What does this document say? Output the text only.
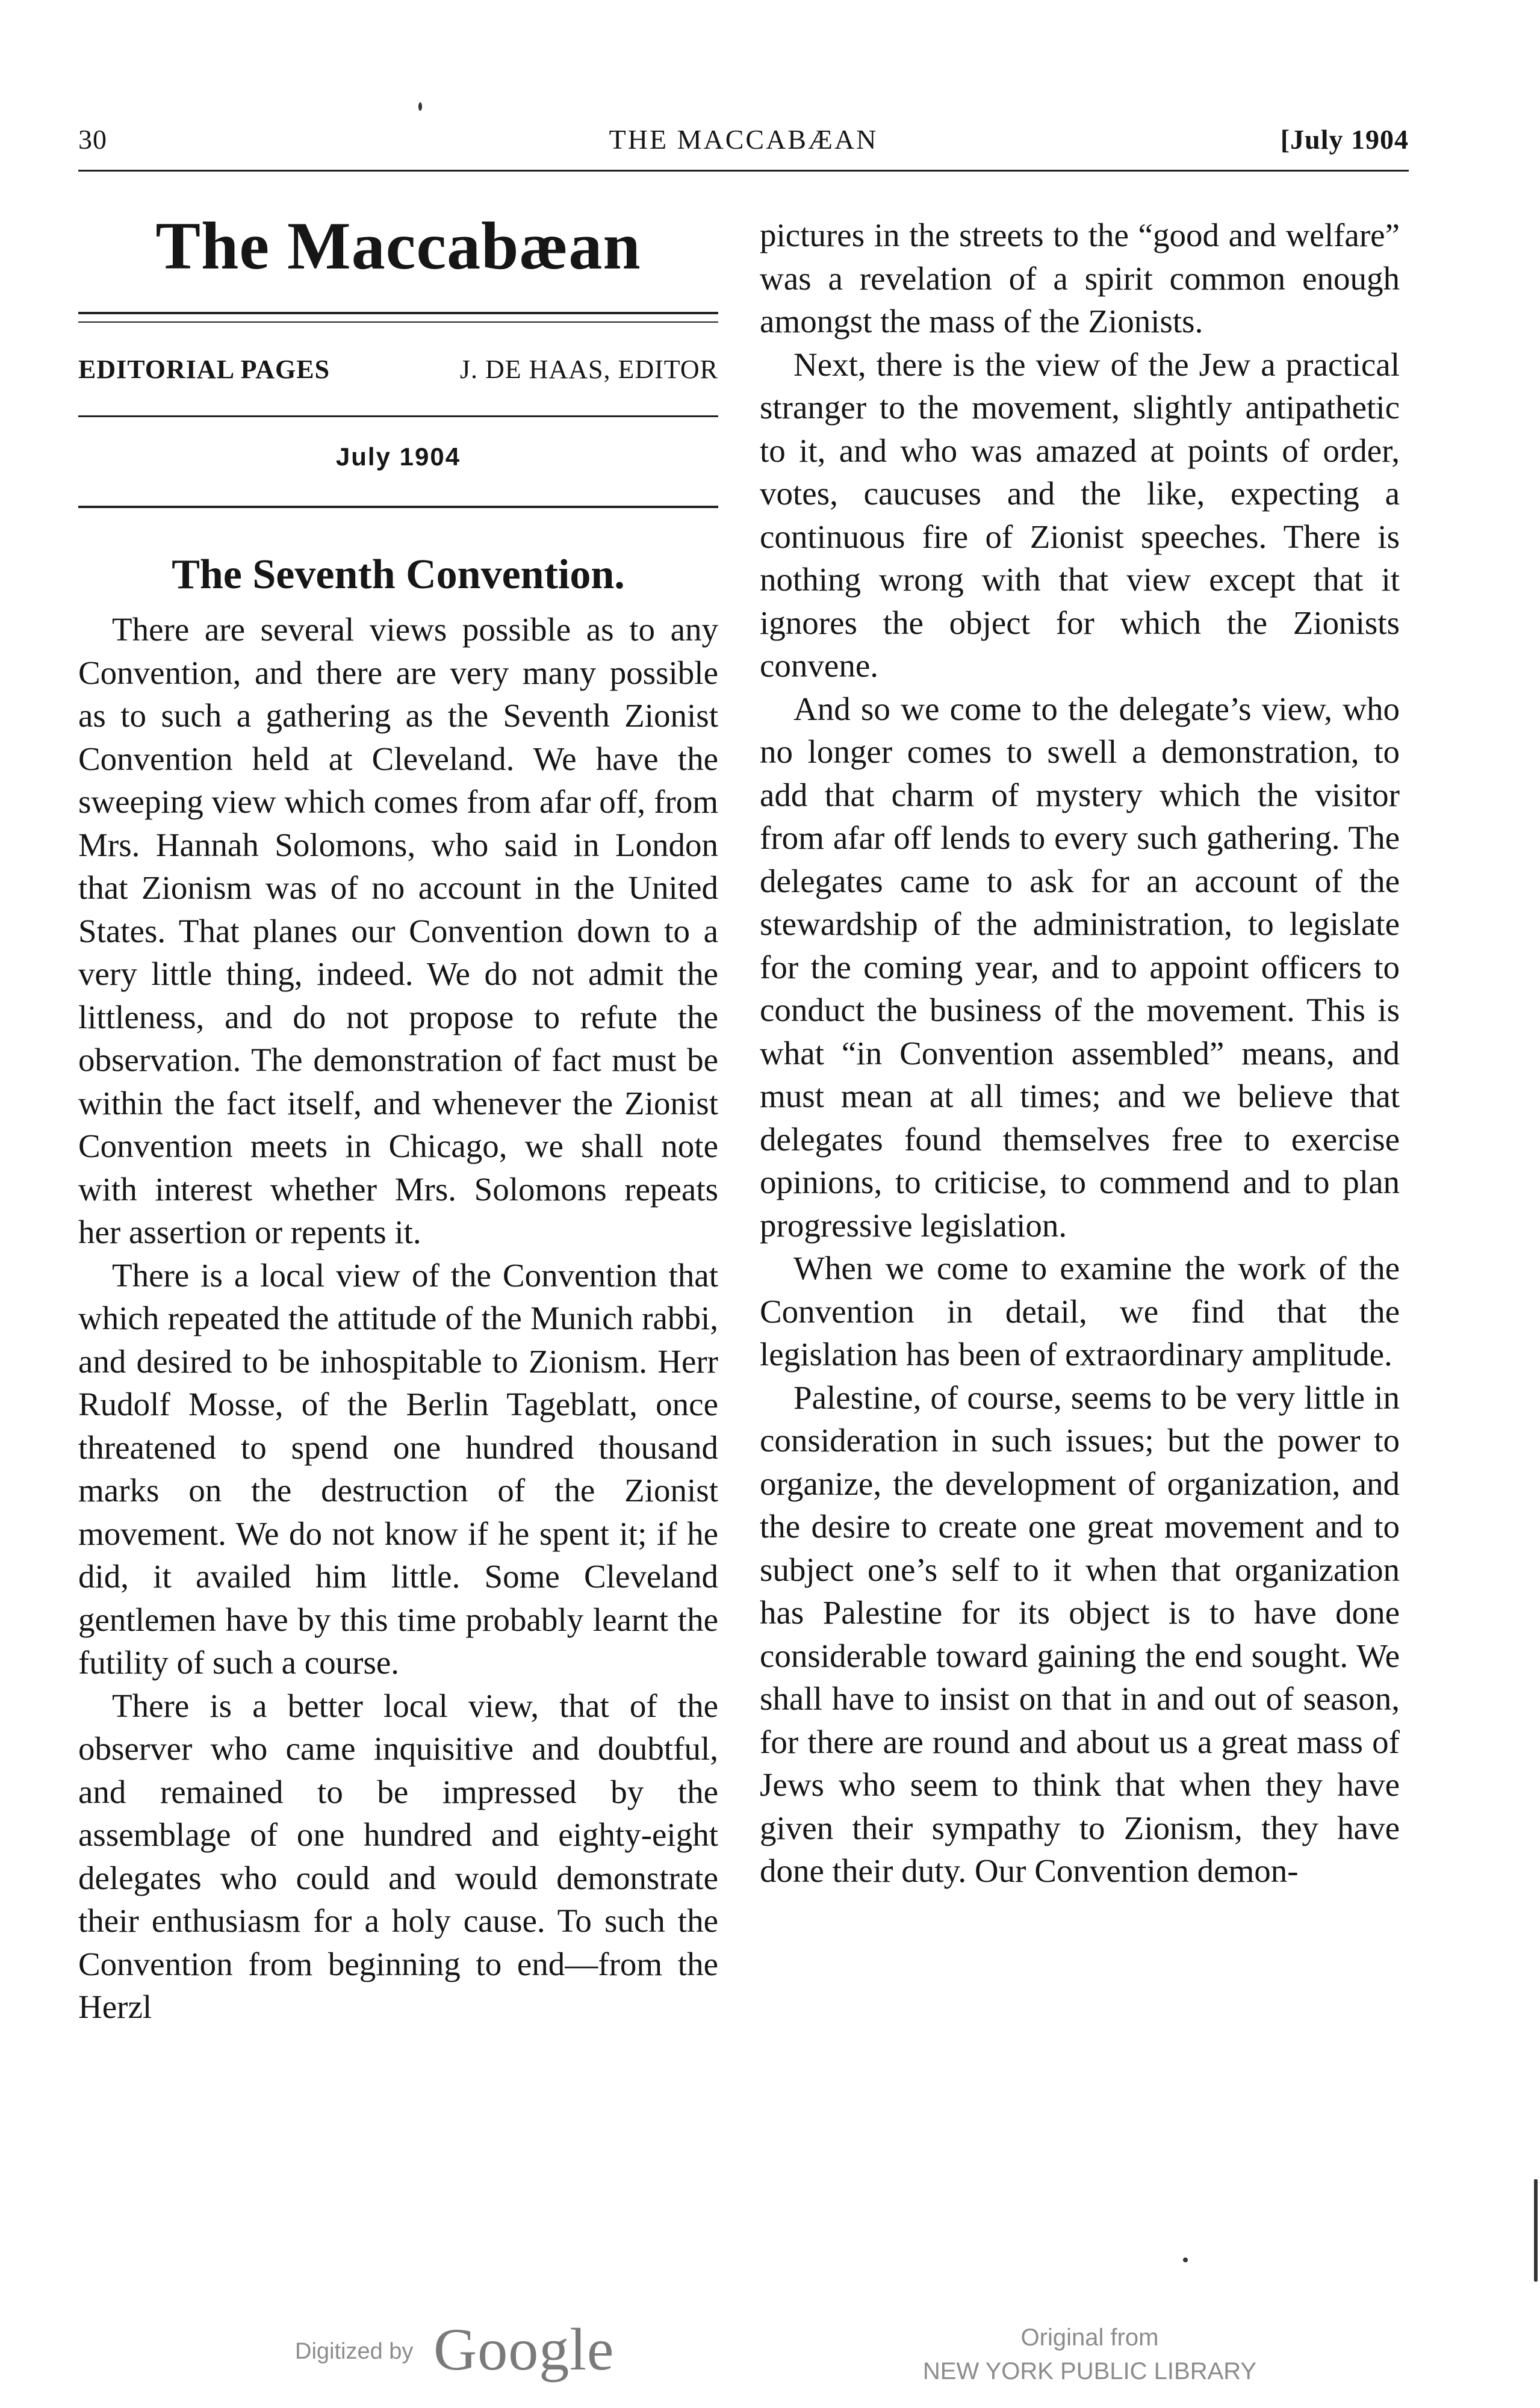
30	THE MACCABÆAN	[July 1904
The Maccabæan
EDITORIAL PAGES	J. DE HAAS, EDITOR
July 1904
The Seventh Convention.

There are several views possible as to any Convention, and there are very many possible as to such a gathering as the Seventh Zionist Convention held at Cleveland. We have the sweeping view which comes from afar off, from Mrs. Hannah Solomons, who said in London that Zionism was of no account in the United States. That planes our Convention down to a very little thing, indeed. We do not admit the littleness, and do not propose to refute the observation. The demonstration of fact must be within the fact itself, and whenever the Zionist Convention meets in Chicago, we shall note with interest whether Mrs. Solomons repeats her assertion or repents it.

There is a local view of the Convention that which repeated the attitude of the Munich rabbi, and desired to be inhospitable to Zionism. Herr Rudolf Mosse, of the Berlin Tageblatt, once threatened to spend one hundred thousand marks on the destruction of the Zionist movement. We do not know if he spent it; if he did, it availed him little. Some Cleveland gentlemen have by this time probably learnt the futility of such a course.

There is a better local view, that of the observer who came inquisitive and doubtful, and remained to be impressed by the assemblage of one hundred and eighty-eight delegates who could and would demonstrate their enthusiasm for a holy cause. To such the Convention from beginning to end—from the Herzl

pictures in the streets to the “good and welfare” was a revelation of a spirit common enough amongst the mass of the Zionists.

Next, there is the view of the Jew a practical stranger to the movement, slightly antipathetic to it, and who was amazed at points of order, votes, caucuses and the like, expecting a continuous fire of Zionist speeches. There is nothing wrong with that view except that it ignores the object for which the Zionists convene.

And so we come to the delegate’s view, who no longer comes to swell a demonstration, to add that charm of mystery which the visitor from afar off lends to every such gathering. The delegates came to ask for an account of the stewardship of the administration, to legislate for the coming year, and to appoint officers to conduct the business of the movement. This is what “in Convention assembled” means, and must mean at all times; and we believe that delegates found themselves free to exercise opinions, to criticise, to commend and to plan progressive legislation.

When we come to examine the work of the Convention in detail, we find that the legislation has been of extraordinary amplitude.

Palestine, of course, seems to be very little in consideration in such issues; but the power to organize, the development of organization, and the desire to create one great movement and to subject one’s self to it when that organization has Palestine for its object is to have done considerable toward gaining the end sought. We shall have to insist on that in and out of season, for there are round and about us a great mass of Jews who seem to think that when they have given their sympathy to Zionism, they have done their duty. Our Convention demon-

Digitized by Google	Original from
NEW YORK PUBLIC LIBRARY
